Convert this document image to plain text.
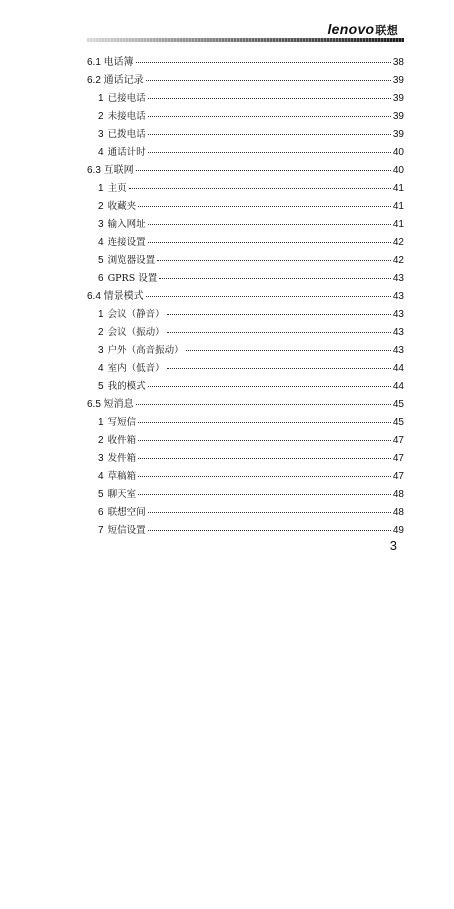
lenovo联想
6.1 电话簿	38
6.2 通话记录	39
1 已接电话	39
2 未接电话	39
3 已拨电话	39
4 通话计时	40
6.3 互联网	40
1 主页	41
2 收藏夹	41
3 输入网址	41
4 连接设置	42
5 浏览器设置	42
6 GPRS 设置	43
6.4 情景模式	43
1 会议（静音）	43
2 会议（振动）	43
3 户外（高音振动）	43
4 室内（低音）	44
5 我的模式	44
6.5 短消息	45
1 写短信	45
2 收件箱	47
3 发件箱	47
4 草稿箱	47
5 聊天室	48
6 联想空间	48
7 短信设置	49
3
